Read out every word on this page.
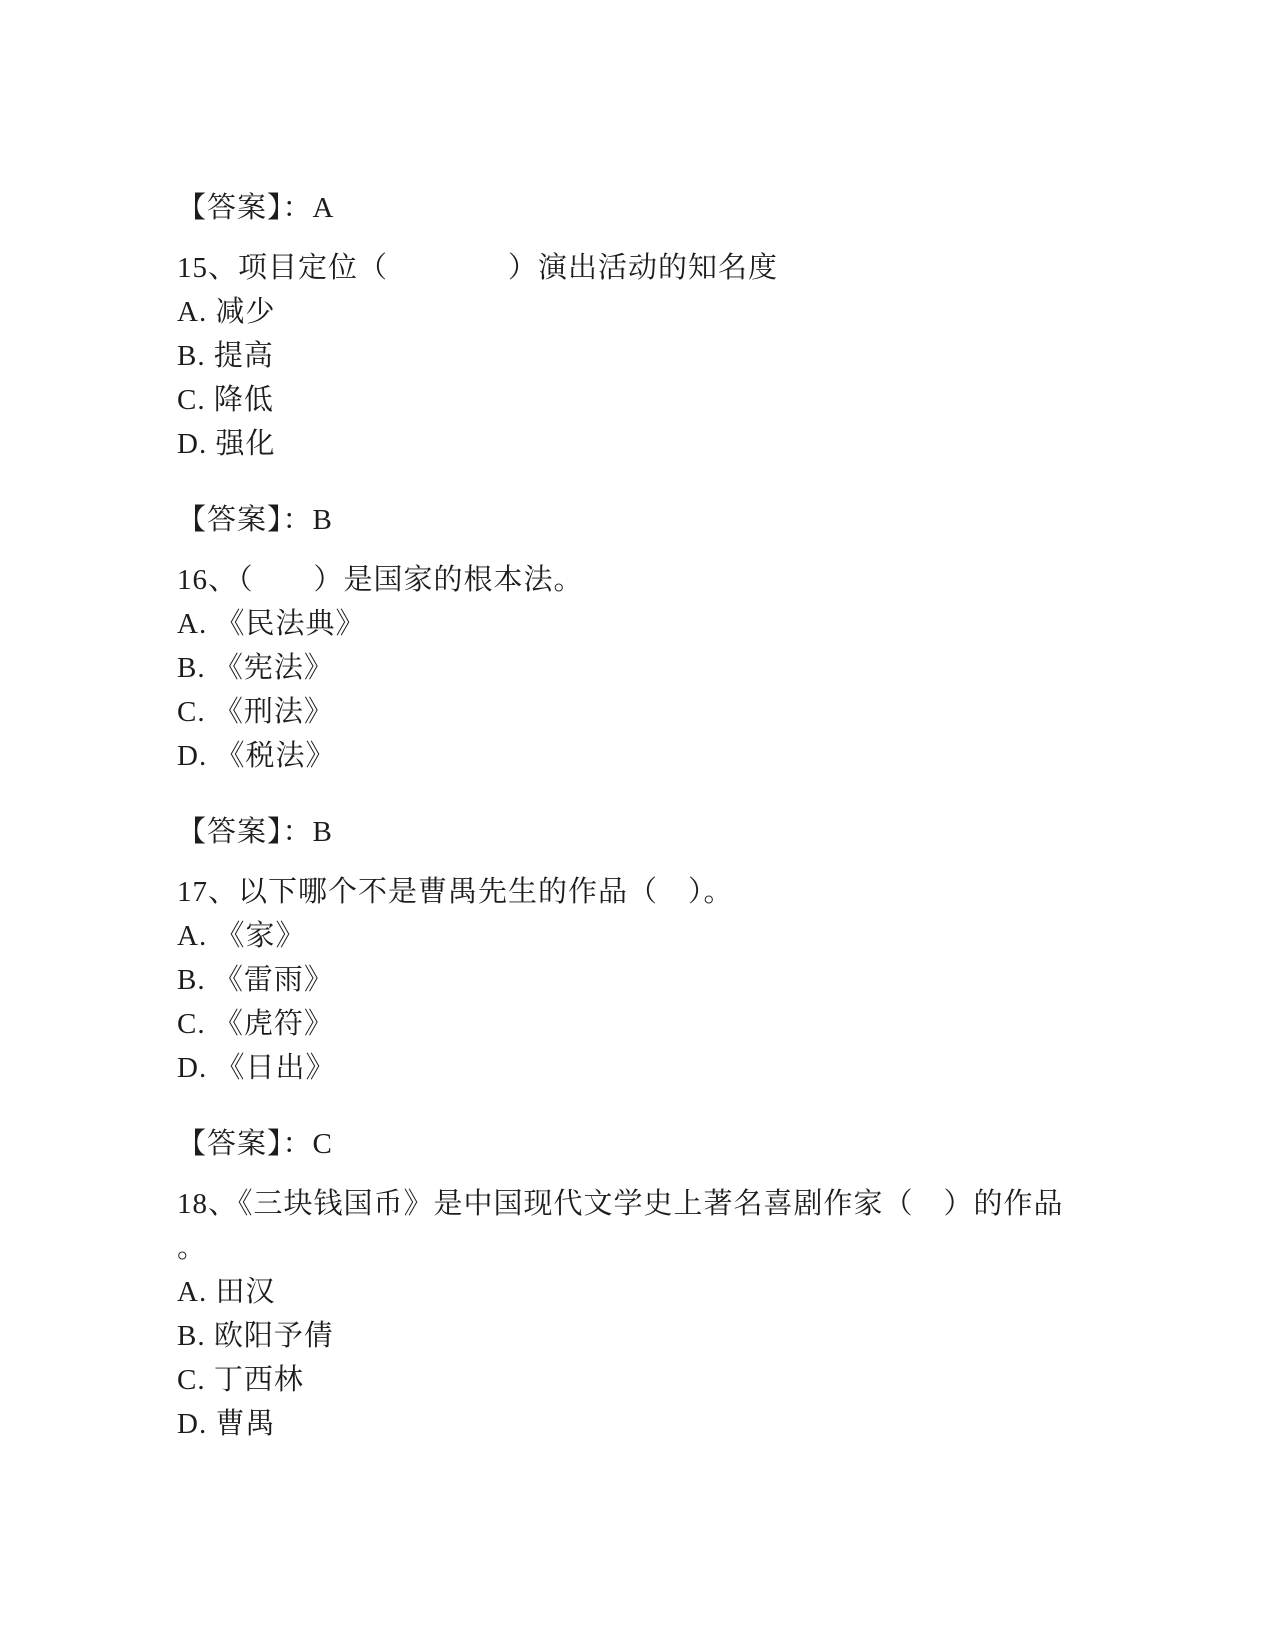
【答案】：A

15、项目定位（　　　　）演出活动的知名度

A. 减少

B. 提高

C. 降低

D. 强化

【答案】：B

16、（　　）是国家的根本法。

A. 《民法典》

B. 《宪法》

C. 《刑法》

D. 《税法》

【答案】：B

17、以下哪个不是曹禺先生的作品（　）。

A. 《家》

B. 《雷雨》

C. 《虎符》

D. 《日出》

【答案】：C

18、《三块钱国币》是中国现代文学史上著名喜剧作家（　）的作品

。

A. 田汉

B. 欧阳予倩

C. 丁西林

D. 曹禺
